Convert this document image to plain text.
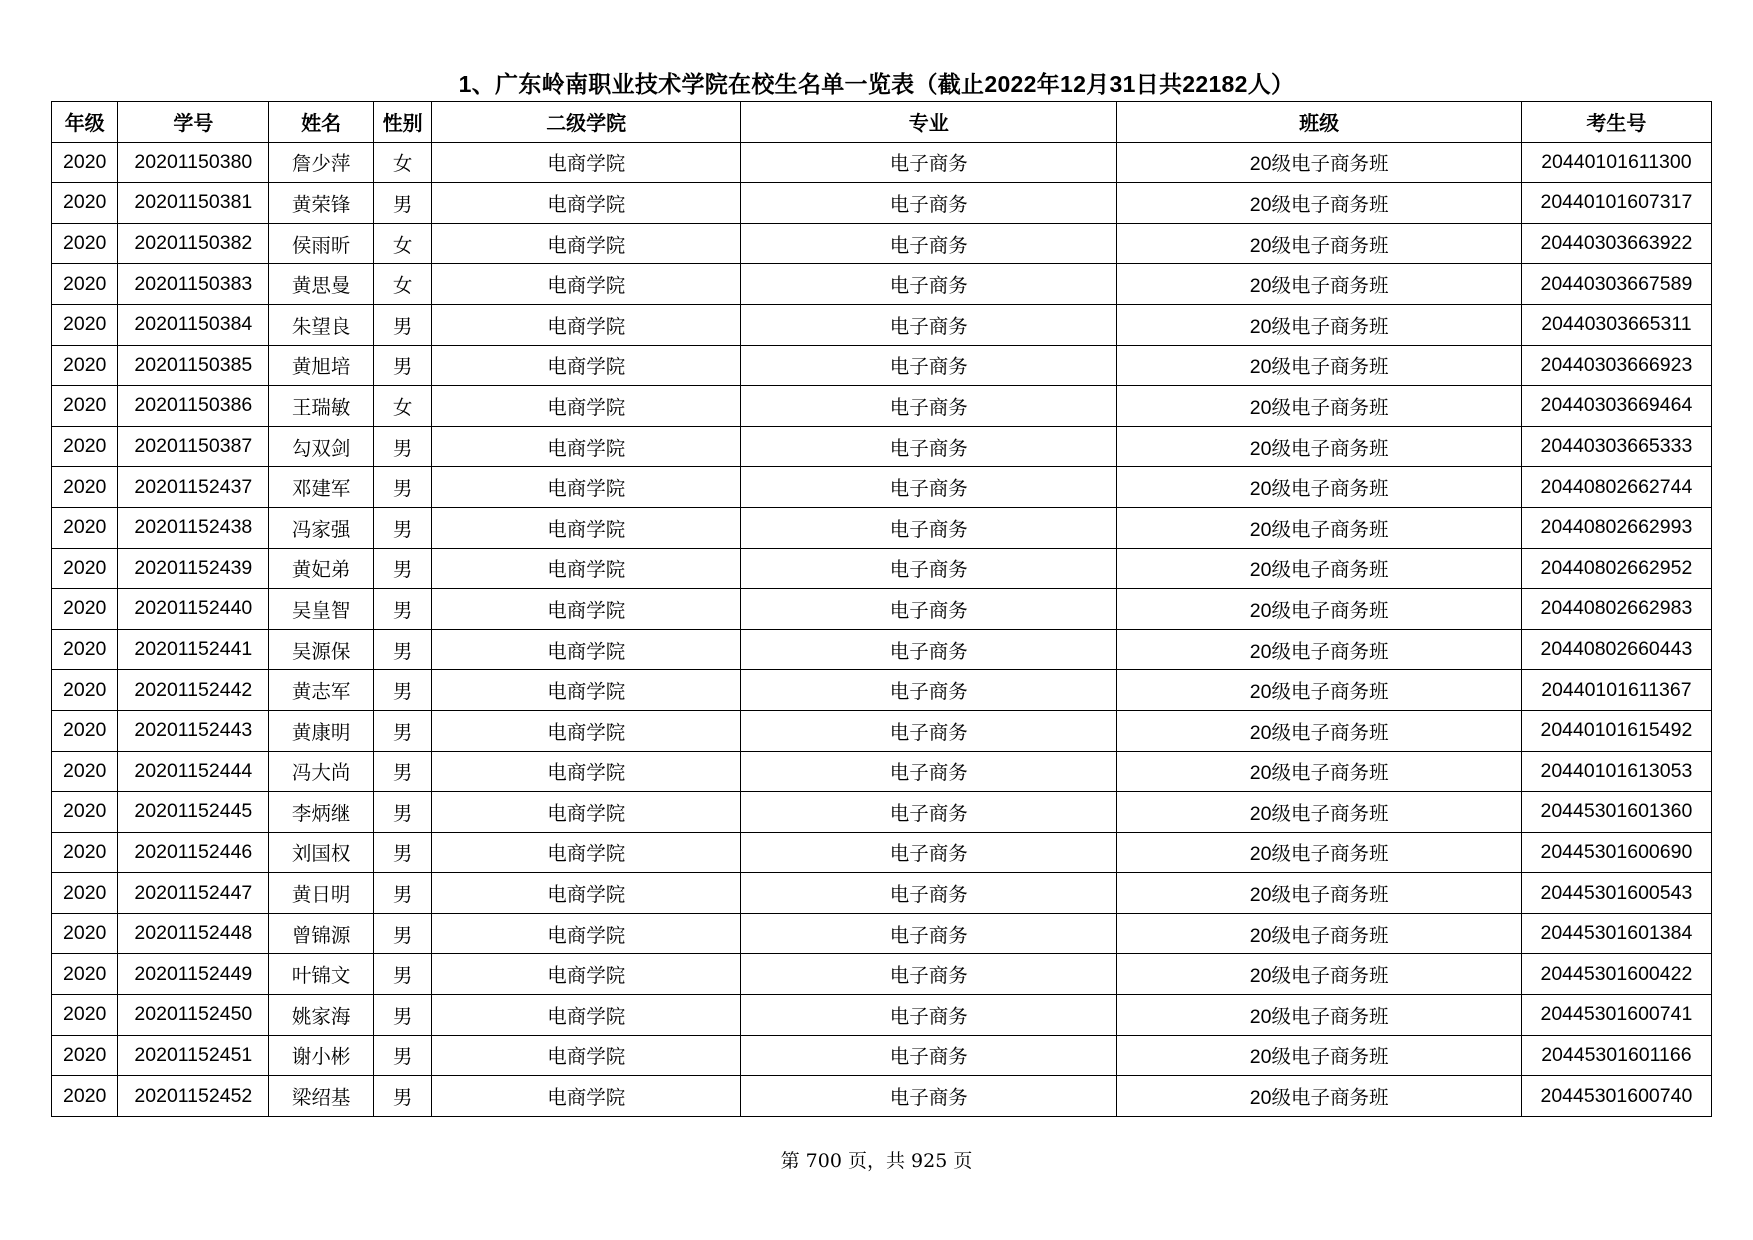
1、广东岭南职业技术学院在校生名单一览表（截止2022年12月31日共22182人）
年级	学号	姓名	性别	二级学院	专业	班级	考生号
2020	20201150380	詹少萍	女	电商学院	电子商务	20级电子商务班	20440101611300
2020	20201150381	黄荣锋	男	电商学院	电子商务	20级电子商务班	20440101607317
2020	20201150382	侯雨昕	女	电商学院	电子商务	20级电子商务班	20440303663922
2020	20201150383	黄思曼	女	电商学院	电子商务	20级电子商务班	20440303667589
2020	20201150384	朱望良	男	电商学院	电子商务	20级电子商务班	20440303665311
2020	20201150385	黄旭培	男	电商学院	电子商务	20级电子商务班	20440303666923
2020	20201150386	王瑞敏	女	电商学院	电子商务	20级电子商务班	20440303669464
2020	20201150387	勾双剑	男	电商学院	电子商务	20级电子商务班	20440303665333
2020	20201152437	邓建军	男	电商学院	电子商务	20级电子商务班	20440802662744
2020	20201152438	冯家强	男	电商学院	电子商务	20级电子商务班	20440802662993
2020	20201152439	黄妃弟	男	电商学院	电子商务	20级电子商务班	20440802662952
2020	20201152440	吴皇智	男	电商学院	电子商务	20级电子商务班	20440802662983
2020	20201152441	吴源保	男	电商学院	电子商务	20级电子商务班	20440802660443
2020	20201152442	黄志军	男	电商学院	电子商务	20级电子商务班	20440101611367
2020	20201152443	黄康明	男	电商学院	电子商务	20级电子商务班	20440101615492
2020	20201152444	冯大尚	男	电商学院	电子商务	20级电子商务班	20440101613053
2020	20201152445	李炳继	男	电商学院	电子商务	20级电子商务班	20445301601360
2020	20201152446	刘国权	男	电商学院	电子商务	20级电子商务班	20445301600690
2020	20201152447	黄日明	男	电商学院	电子商务	20级电子商务班	20445301600543
2020	20201152448	曾锦源	男	电商学院	电子商务	20级电子商务班	20445301601384
2020	20201152449	叶锦文	男	电商学院	电子商务	20级电子商务班	20445301600422
2020	20201152450	姚家海	男	电商学院	电子商务	20级电子商务班	20445301600741
2020	20201152451	谢小彬	男	电商学院	电子商务	20级电子商务班	20445301601166
2020	20201152452	梁绍基	男	电商学院	电子商务	20级电子商务班	20445301600740
第 700 页，共 925 页
